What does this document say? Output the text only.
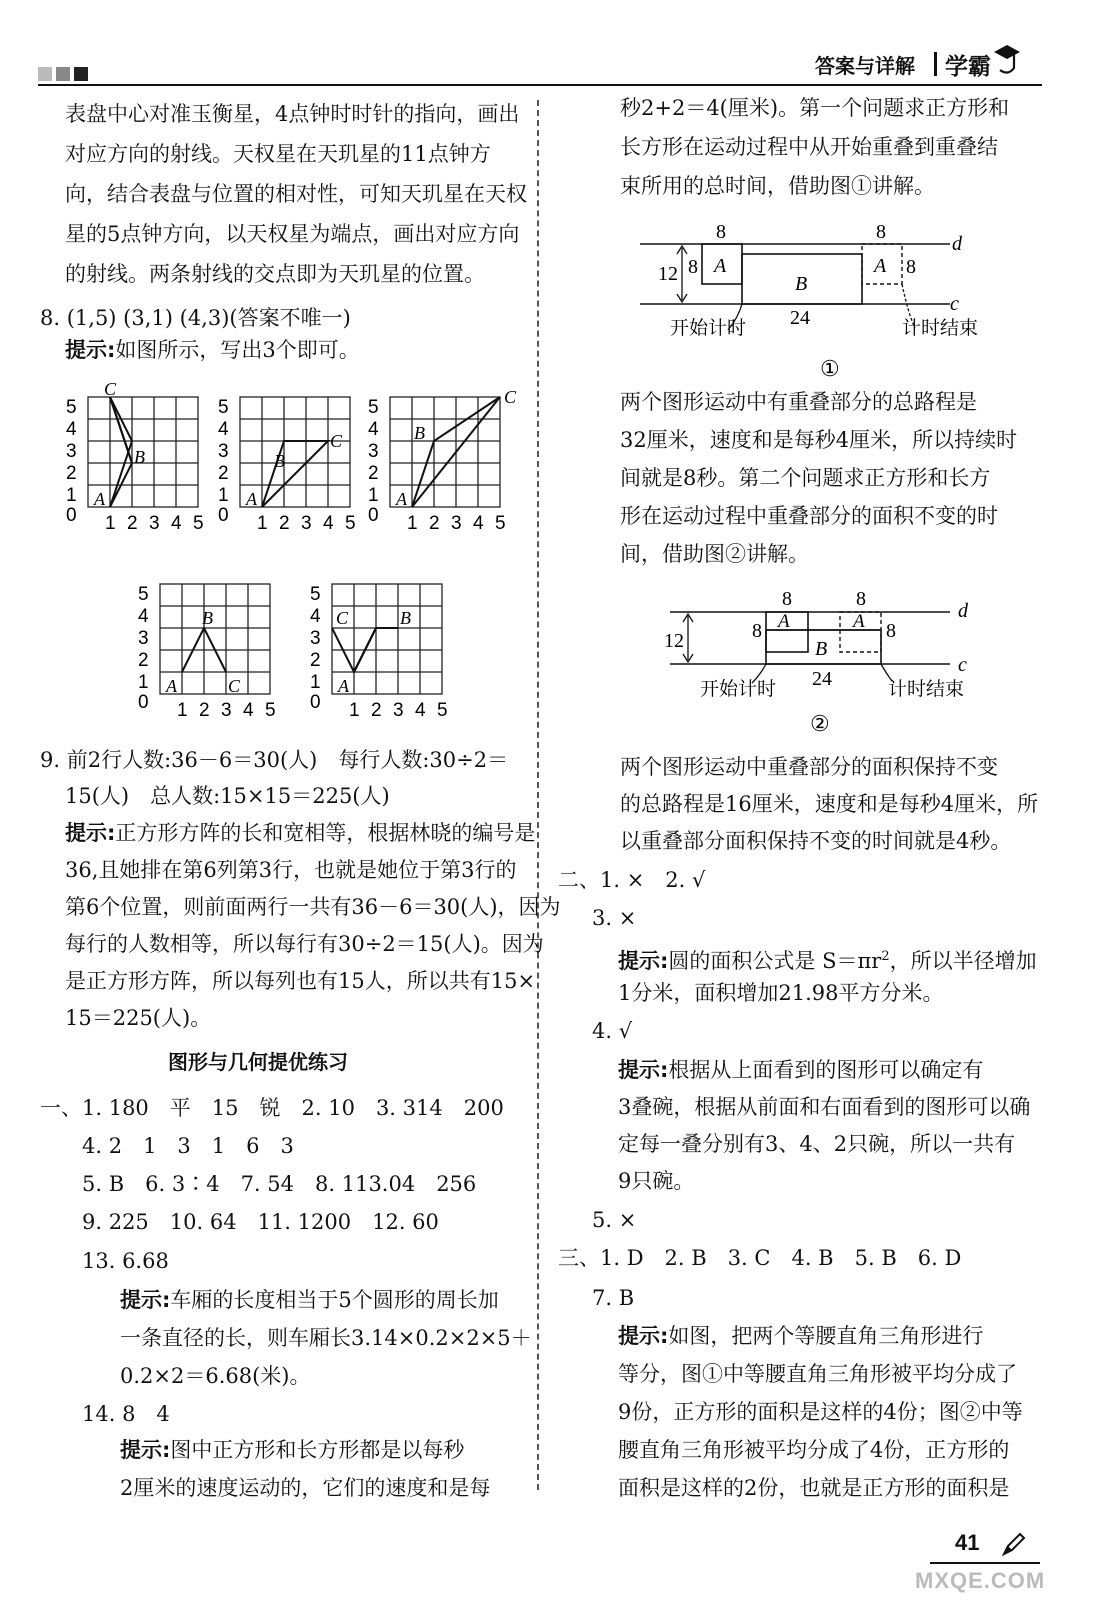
答案与详解 学霸
表盘中心对准玉衡星，4点钟时时针的指向，画出
对应方向的射线。天权星在天玑星的11点钟方
向，结合表盘与位置的相对性，可知天玑星在天权
星的5点钟方向，以天权星为端点，画出对应方向
的射线。两条射线的交点即为天玑星的位置。
8. (1,5) (3,1) (4,3)(答案不唯一)
提示:如图所示，写出3个即可。
C
B
A
5
4
3
2
1
0 1 2 3 4 5
B
C
A
5
4
3
2
1
0 1 2 3 4 5
B
C
A
5
4
3
2
1
0 1 2 3 4 5
B
A	C
5
4
3
2
1
0 1 2 3 4 5
C	B
A
5
4
3
2
1
0 1 2 3 4 5
9. 前2行人数:36－6＝30(人)　每行人数:30÷2＝
15(人)　总人数:15×15＝225(人)
提示:正方形方阵的长和宽相等，根据林晓的编号是
36,且她排在第6列第3行，也就是她位于第3行的
第6个位置，则前面两行一共有36－6＝30(人)，因为
每行的人数相等，所以每行有30÷2＝15(人)。因为
是正方形方阵，所以每列也有15人，所以共有15×
15＝225(人)。
图形与几何提优练习
一、1. 180　平　15　锐　2. 10　3. 314　200
4. 2　1　3　1　6　3
5. B　6. 3∶4　7. 54　8. 113.04　256
9. 225　10. 64　11. 1200　12. 60
13. 6.68
提示:车厢的长度相当于5个圆形的周长加
一条直径的长，则车厢长3.14×0.2×2×5＋
0.2×2＝6.68(米)。
14. 8　4
提示:图中正方形和长方形都是以每秒
2厘米的速度运动的，它们的速度和是每
秒2+2＝4(厘米)。第一个问题求正方形和
长方形在运动过程中从开始重叠到重叠结
束所用的总时间，借助图①讲解。
8	8
8	8
12 A	A
B
24
d
c
开始计时	计时结束
①
两个图形运动中有重叠部分的总路程是
32厘米，速度和是每秒4厘米，所以持续时
间就是8秒。第二个问题求正方形和长方
形在运动过程中重叠部分的面积不变的时
间，借助图②讲解。
8	8
8	8
12
A	A
B
24
d
c
开始计时	计时结束
②
两个图形运动中重叠部分的面积保持不变
的总路程是16厘米，速度和是每秒4厘米，所
以重叠部分面积保持不变的时间就是4秒。
二、1. ×　2. √
3. ×
提示:圆的面积公式是 $S=\pi r^2$，所以半径增加
1分米，面积增加21.98平方分米。
4. √
提示:根据从上面看到的图形可以确定有
3叠碗，根据从前面和右面看到的图形可以确
定每一叠分别有3、4、2只碗，所以一共有
9只碗。
5. ×
三、1. D　2. B　3. C　4. B　5. B　6. D
7. B
提示:如图，把两个等腰直角三角形进行
等分，图①中等腰直角三角形被平均分成了
9份，正方形的面积是这样的4份；图②中等
腰直角三角形被平均分成了4份，正方形的
面积是这样的2份，也就是正方形的面积是
41
MXQE.COM
